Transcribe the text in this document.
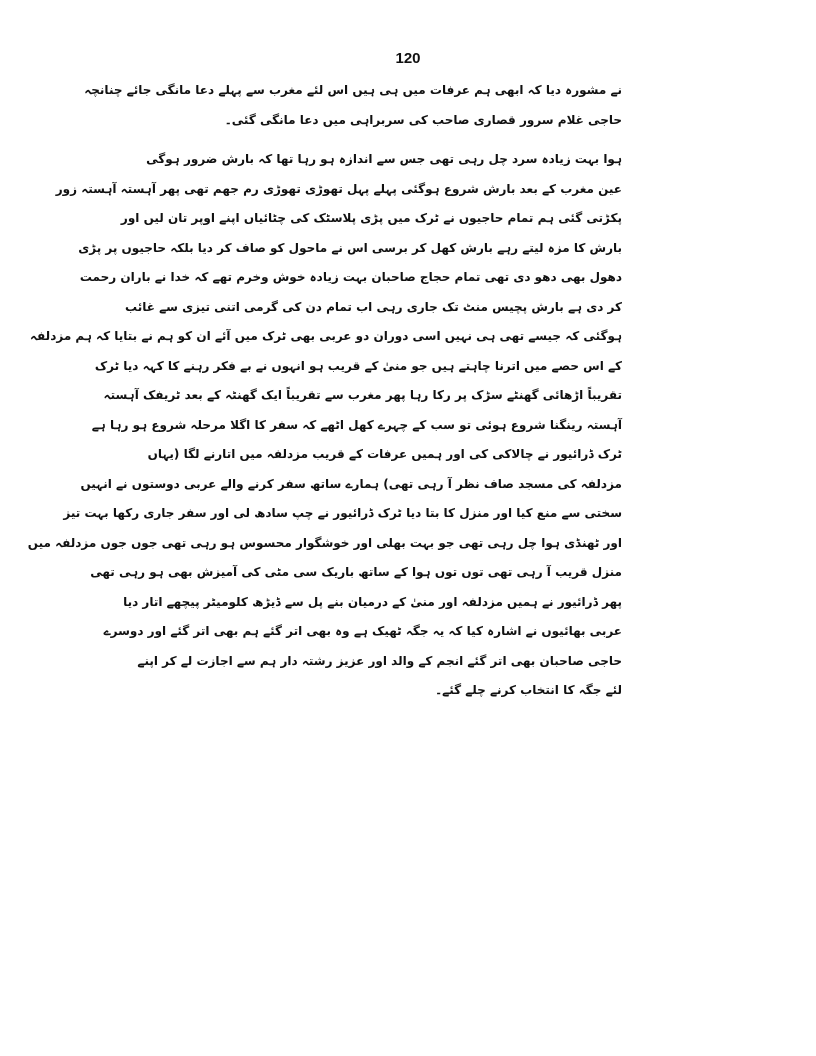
120
نے مشورہ دیا کہ ابھی ہم عرفات میں ہی ہیں اس لئے مغرب سے پہلے دعا مانگی جائے چنانچہ
حاجی غلام سرور قصاری صاحب کی سربراہی میں دعا مانگی گئی۔
ہوا بہت زیادہ سرد چل رہی تھی جس سے اندازہ ہو رہا تھا کہ بارش ضرور ہوگی
عین مغرب کے بعد بارش شروع ہوگئی پہلے پہل تھوڑی تھوڑی رم جھم تھی پھر آہستہ آہستہ زور
پکڑتی گئی ہم تمام حاجیوں نے ٹرک میں پڑی پلاسٹک کی چٹائیاں اپنے اوپر تان لیں اور
بارش کا مزہ لیتے رہے بارش کھل کر برسی اس نے ماحول کو صاف کر دیا بلکہ حاجیوں پر پڑی
دھول بھی دھو دی تھی تمام حجاج صاحبان بہت زیادہ خوش وخرم تھے کہ خدا نے باران رحمت
کر دی ہے بارش پچیس منٹ تک جاری رہی اب تمام دن کی گرمی اتنی تیزی سے غائب
ہوگئی کہ جیسے تھی ہی نہیں اسی دوران دو عربی بھی ٹرک میں آئے ان کو ہم نے بتایا کہ ہم مزدلفہ
کے اس حصے میں اترنا چاہتے ہیں جو منیٰ کے قریب ہو انہوں نے بے فکر رہنے کا کہہ دیا ٹرک
تقریباً اڑھائی گھنٹے سڑک پر رکا رہا پھر مغرب سے تقریباً ایک گھنٹہ کے بعد ٹریفک آہستہ
آہستہ رینگنا شروع ہوئی تو سب کے چہرے کھل اٹھے کہ سفر کا اگلا مرحلہ شروع ہو رہا ہے
ٹرک ڈرائیور نے چالاکی کی اور ہمیں عرفات کے قریب مزدلفہ میں اتارنے لگا (یہاں
مزدلفہ کی مسجد صاف نظر آ رہی تھی) ہمارے ساتھ سفر کرنے والے عربی دوستوں نے انہیں
سختی سے منع کیا اور منزل کا بتا دیا ٹرک ڈرائیور نے چپ سادھ لی اور سفر جاری رکھا بہت تیز
اور ٹھنڈی ہوا چل رہی تھی جو بہت بھلی اور خوشگوار محسوس ہو رہی تھی جوں جوں مزدلفہ میں
منزل قریب آ رہی تھی توں توں ہوا کے ساتھ باریک سی مٹی کی آمیزش بھی ہو رہی تھی
پھر ڈرائیور نے ہمیں مزدلفہ اور منیٰ کے درمیان بنے پل سے ڈیڑھ کلومیٹر پیچھے اتار دیا
عربی بھائیوں نے اشارہ کیا کہ یہ جگہ ٹھیک ہے وہ بھی اتر گئے ہم بھی اتر گئے اور دوسرے
حاجی صاحبان بھی اتر گئے انجم کے والد اور عزیز رشتہ دار ہم سے اجازت لے کر اپنے
لئے جگہ کا انتخاب کرنے چلے گئے۔
